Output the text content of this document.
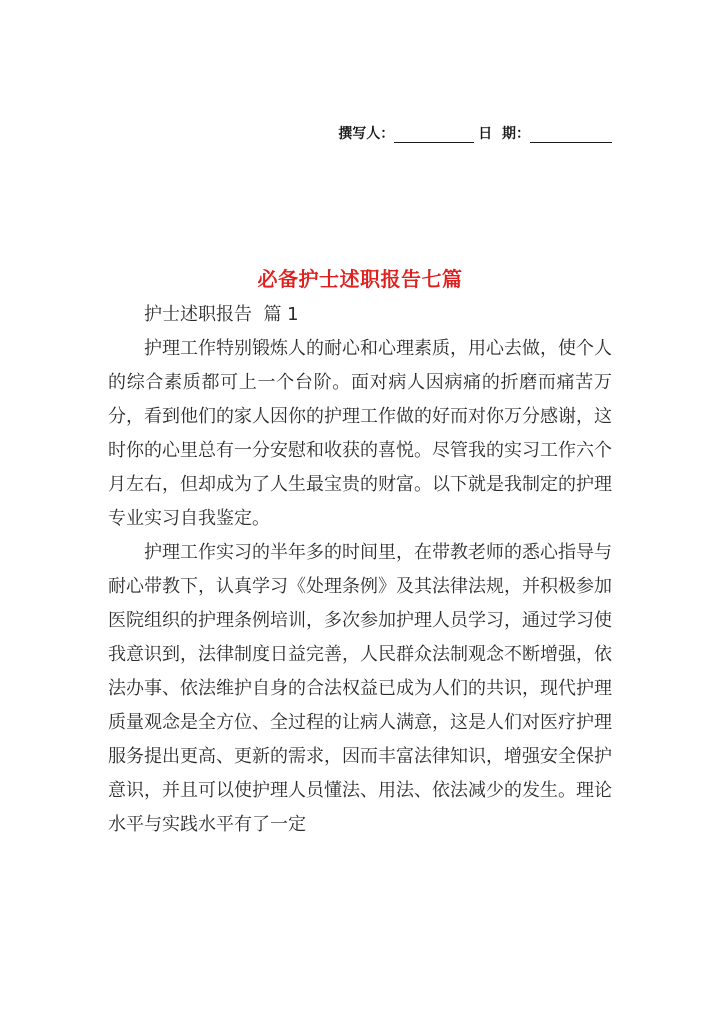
撰写人：	日  期：
必备护士述职报告七篇

护士述职报告  篇 1

护理工作特别锻炼人的耐心和心理素质，用心去做，使个人的综合素质都可上一个台阶。面对病人因病痛的折磨而痛苦万分，看到他们的家人因你的护理工作做的好而对你万分感谢，这时你的心里总有一分安慰和收获的喜悦。尽管我的实习工作六个月左右，但却成为了人生最宝贵的财富。以下就是我制定的护理专业实习自我鉴定。

护理工作实习的半年多的时间里，在带教老师的悉心指导与耐心带教下，认真学习《处理条例》及其法律法规，并积极参加医院组织的护理条例培训，多次参加护理人员学习，通过学习使我意识到，法律制度日益完善，人民群众法制观念不断增强，依法办事、依法维护自身的合法权益已成为人们的共识，现代护理质量观念是全方位、全过程的让病人满意，这是人们对医疗护理服务提出更高、更新的需求，因而丰富法律知识，增强安全保护意识，并且可以使护理人员懂法、用法、依法减少的发生。理论水平与实践水平有了一定
